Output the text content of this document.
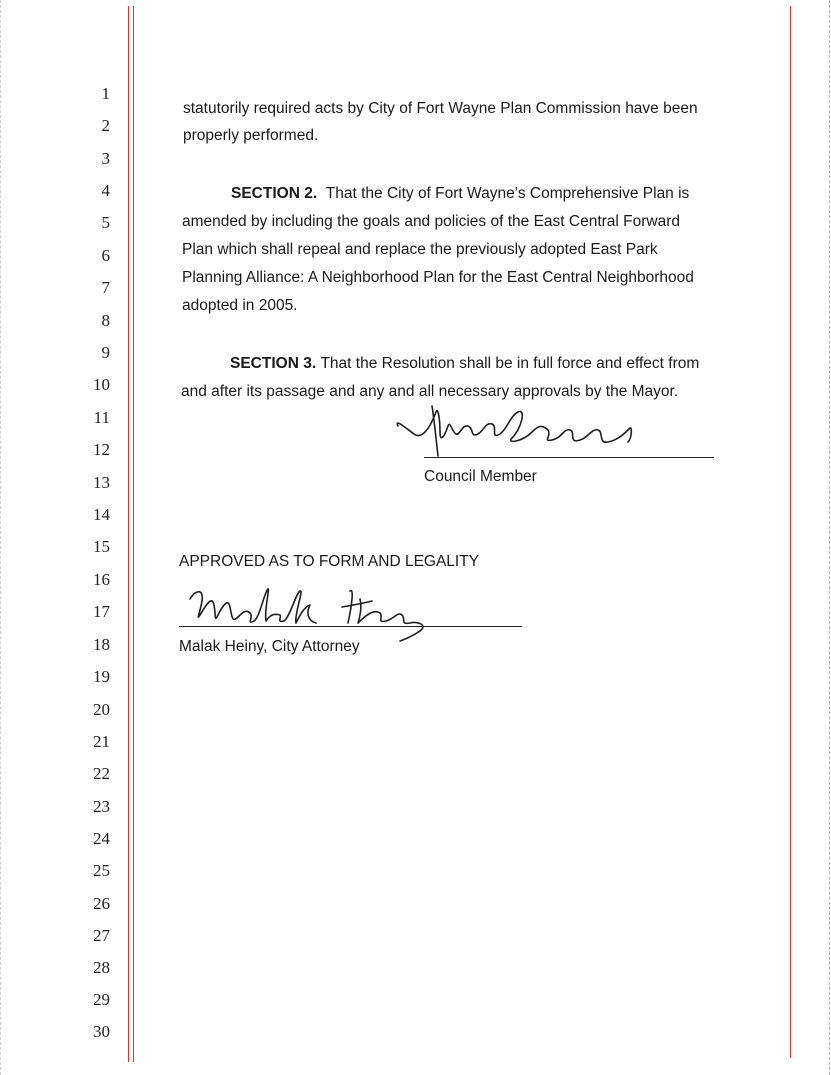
1
2
3
4
5
6
7
8
9
10
11
12
13
14
15
16
17
18
19
20
21
22
23
24
25
26
27
28
29
30
statutorily required acts by City of Fort Wayne Plan Commission have been
properly performed.
SECTION 2. That the City of Fort Wayne’s Comprehensive Plan is
amended by including the goals and policies of the East Central Forward
Plan which shall repeal and replace the previously adopted East Park
Planning Alliance: A Neighborhood Plan for the East Central Neighborhood
adopted in 2005.
SECTION 3. That the Resolution shall be in full force and effect from
and after its passage and any and all necessary approvals by the Mayor.
Council Member
APPROVED AS TO FORM AND LEGALITY
Malak Heiny, City Attorney
